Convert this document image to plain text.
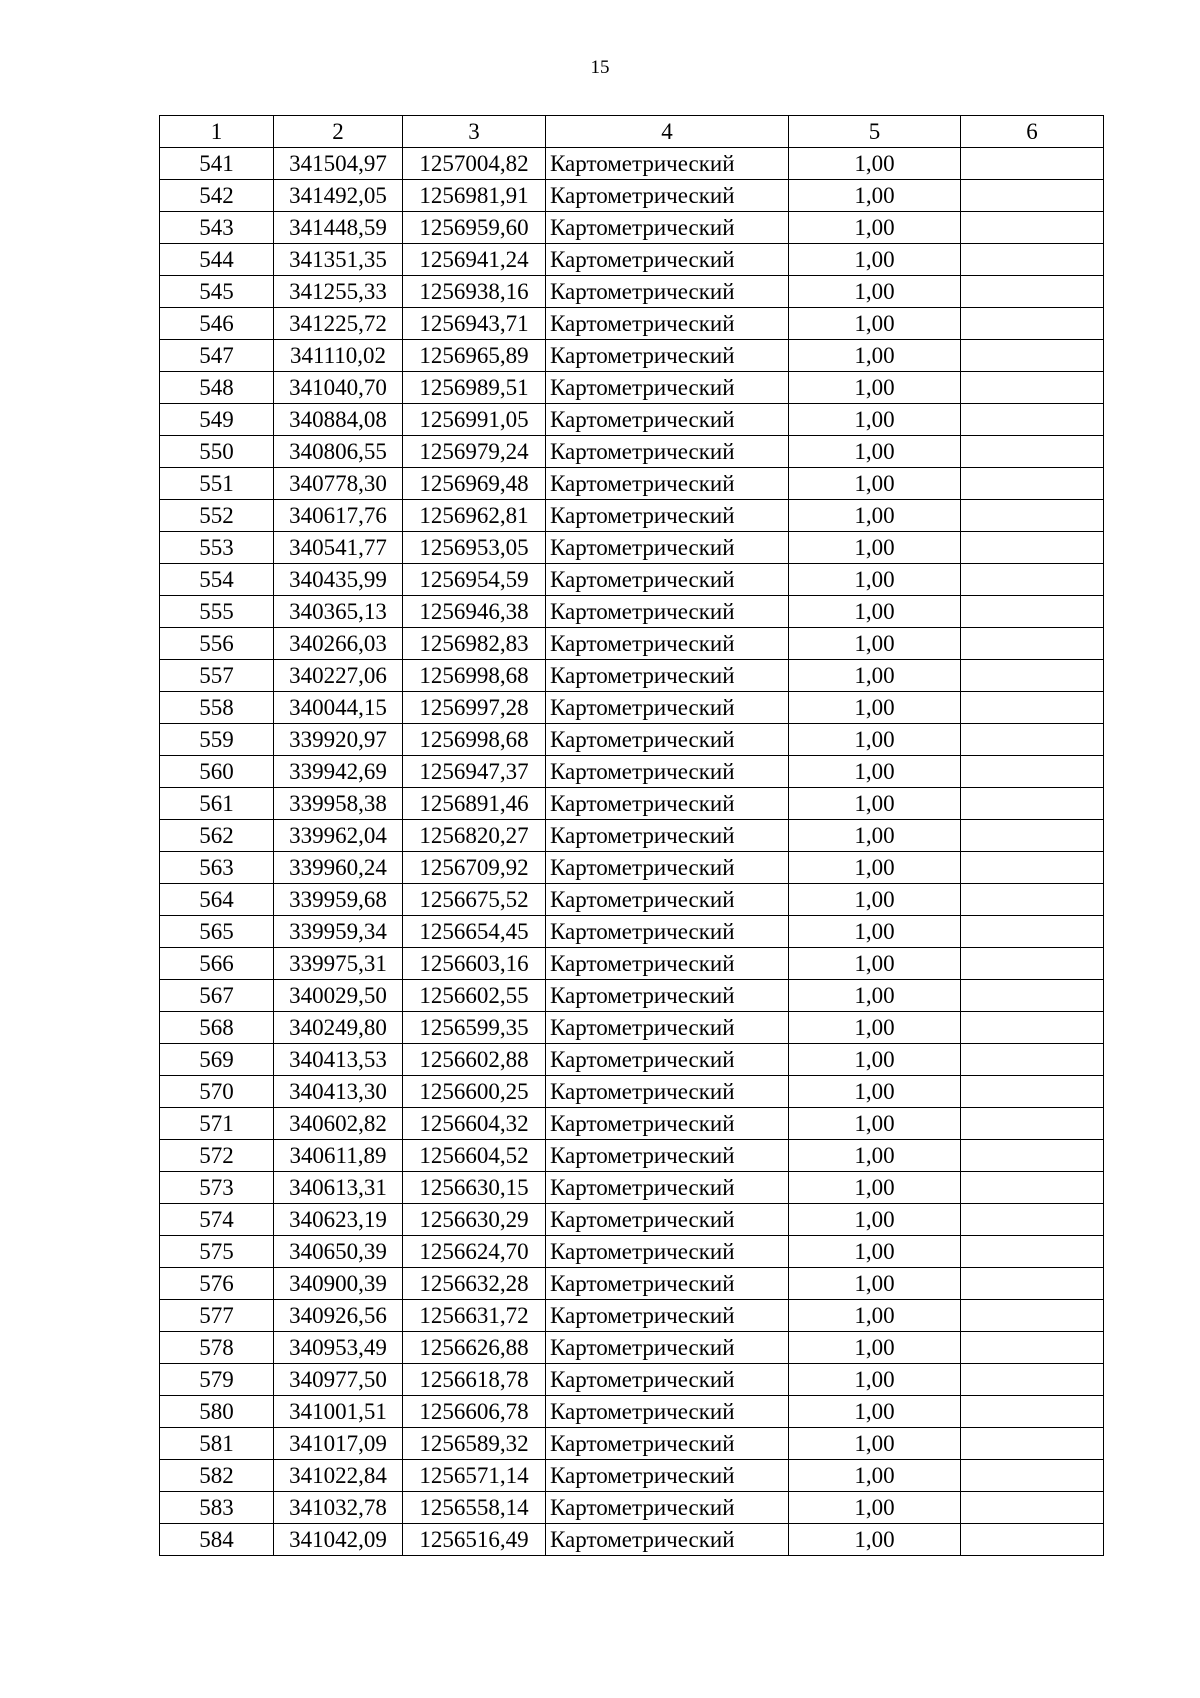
15
1	2	3	4	5	6
541	341504,97	1257004,82	Картометрический	1,00	
542	341492,05	1256981,91	Картометрический	1,00	
543	341448,59	1256959,60	Картометрический	1,00	
544	341351,35	1256941,24	Картометрический	1,00	
545	341255,33	1256938,16	Картометрический	1,00	
546	341225,72	1256943,71	Картометрический	1,00	
547	341110,02	1256965,89	Картометрический	1,00	
548	341040,70	1256989,51	Картометрический	1,00	
549	340884,08	1256991,05	Картометрический	1,00	
550	340806,55	1256979,24	Картометрический	1,00	
551	340778,30	1256969,48	Картометрический	1,00	
552	340617,76	1256962,81	Картометрический	1,00	
553	340541,77	1256953,05	Картометрический	1,00	
554	340435,99	1256954,59	Картометрический	1,00	
555	340365,13	1256946,38	Картометрический	1,00	
556	340266,03	1256982,83	Картометрический	1,00	
557	340227,06	1256998,68	Картометрический	1,00	
558	340044,15	1256997,28	Картометрический	1,00	
559	339920,97	1256998,68	Картометрический	1,00	
560	339942,69	1256947,37	Картометрический	1,00	
561	339958,38	1256891,46	Картометрический	1,00	
562	339962,04	1256820,27	Картометрический	1,00	
563	339960,24	1256709,92	Картометрический	1,00	
564	339959,68	1256675,52	Картометрический	1,00	
565	339959,34	1256654,45	Картометрический	1,00	
566	339975,31	1256603,16	Картометрический	1,00	
567	340029,50	1256602,55	Картометрический	1,00	
568	340249,80	1256599,35	Картометрический	1,00	
569	340413,53	1256602,88	Картометрический	1,00	
570	340413,30	1256600,25	Картометрический	1,00	
571	340602,82	1256604,32	Картометрический	1,00	
572	340611,89	1256604,52	Картометрический	1,00	
573	340613,31	1256630,15	Картометрический	1,00	
574	340623,19	1256630,29	Картометрический	1,00	
575	340650,39	1256624,70	Картометрический	1,00	
576	340900,39	1256632,28	Картометрический	1,00	
577	340926,56	1256631,72	Картометрический	1,00	
578	340953,49	1256626,88	Картометрический	1,00	
579	340977,50	1256618,78	Картометрический	1,00	
580	341001,51	1256606,78	Картометрический	1,00	
581	341017,09	1256589,32	Картометрический	1,00	
582	341022,84	1256571,14	Картометрический	1,00	
583	341032,78	1256558,14	Картометрический	1,00	
584	341042,09	1256516,49	Картометрический	1,00	
